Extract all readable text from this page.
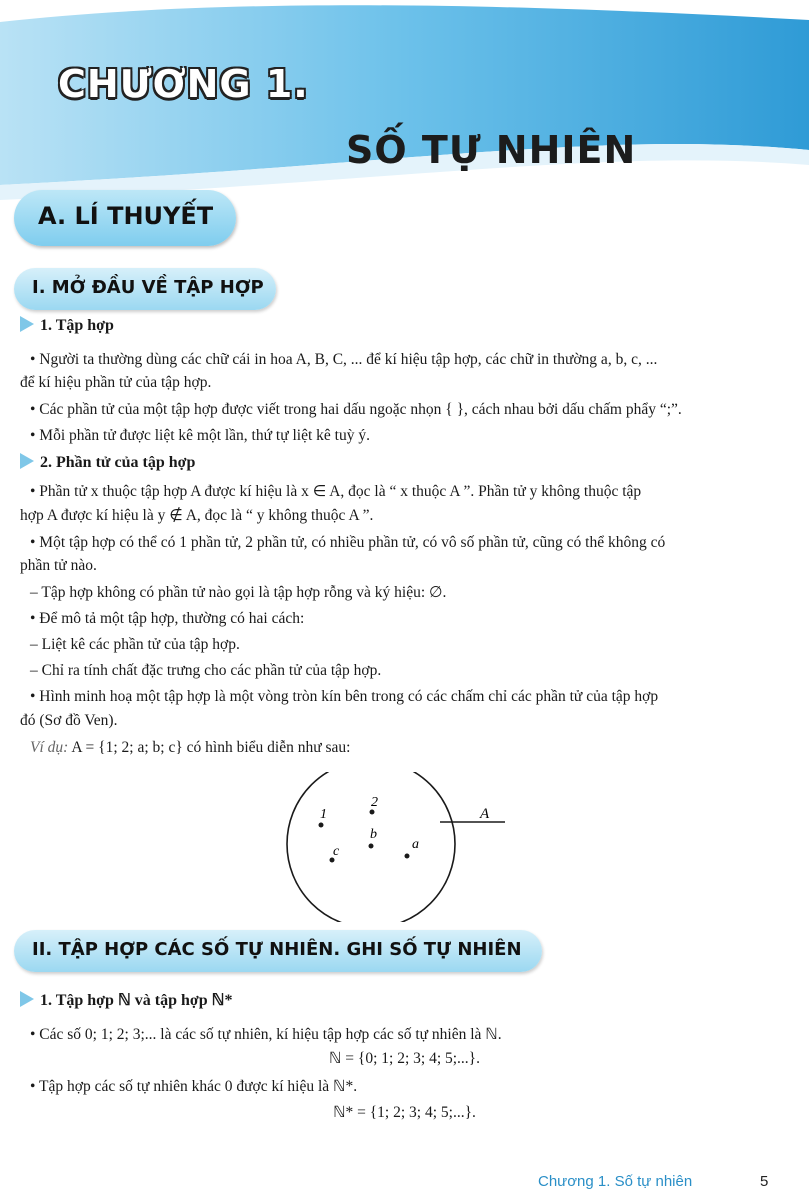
CHƯƠNG 1.
SỐ TỰ NHIÊN
A. LÍ THUYẾT
I. MỞ ĐẦU VỀ TẬP HỢP
1. Tập hợp
• Người ta thường dùng các chữ cái in hoa A, B, C, ... để kí hiệu tập hợp, các chữ in thường a, b, c, ...
để kí hiệu phần tử của tập hợp.
• Các phần tử của một tập hợp được viết trong hai dấu ngoặc nhọn { }, cách nhau bởi dấu chấm phẩy “;”.
• Mỗi phần tử được liệt kê một lần, thứ tự liệt kê tuỳ ý.
2. Phần tử của tập hợp
• Phần tử x thuộc tập hợp A được kí hiệu là x ∈ A, đọc là “ x thuộc A ”. Phần tử y không thuộc tập
hợp A được kí hiệu là y ∉ A, đọc là “ y không thuộc A ”.
• Một tập hợp có thể có 1 phần tử, 2 phần tử, có nhiều phần tử, có vô số phần tử, cũng có thể không có
phần tử nào.
– Tập hợp không có phần tử nào gọi là tập hợp rỗng và ký hiệu: ∅.
• Để mô tả một tập hợp, thường có hai cách:
– Liệt kê các phần tử của tập hợp.
– Chỉ ra tính chất đặc trưng cho các phần tử của tập hợp.
• Hình minh hoạ một tập hợp là một vòng tròn kín bên trong có các chấm chỉ các phần tử của tập hợp
đó (Sơ đồ Ven).
Ví dụ: A = {1; 2; a; b; c} có hình biểu diễn như sau:
A
1
2
b
c	a
II. TẬP HỢP CÁC SỐ TỰ NHIÊN. GHI SỐ TỰ NHIÊN
1. Tập hợp ℕ và tập hợp ℕ*
• Các số 0; 1; 2; 3;... là các số tự nhiên, kí hiệu tập hợp các số tự nhiên là ℕ.
ℕ = {0; 1; 2; 3; 4; 5;...}.
• Tập hợp các số tự nhiên khác 0 được kí hiệu là ℕ*.
ℕ* = {1; 2; 3; 4; 5;...}.
Chương 1. Số tự nhiên	5
